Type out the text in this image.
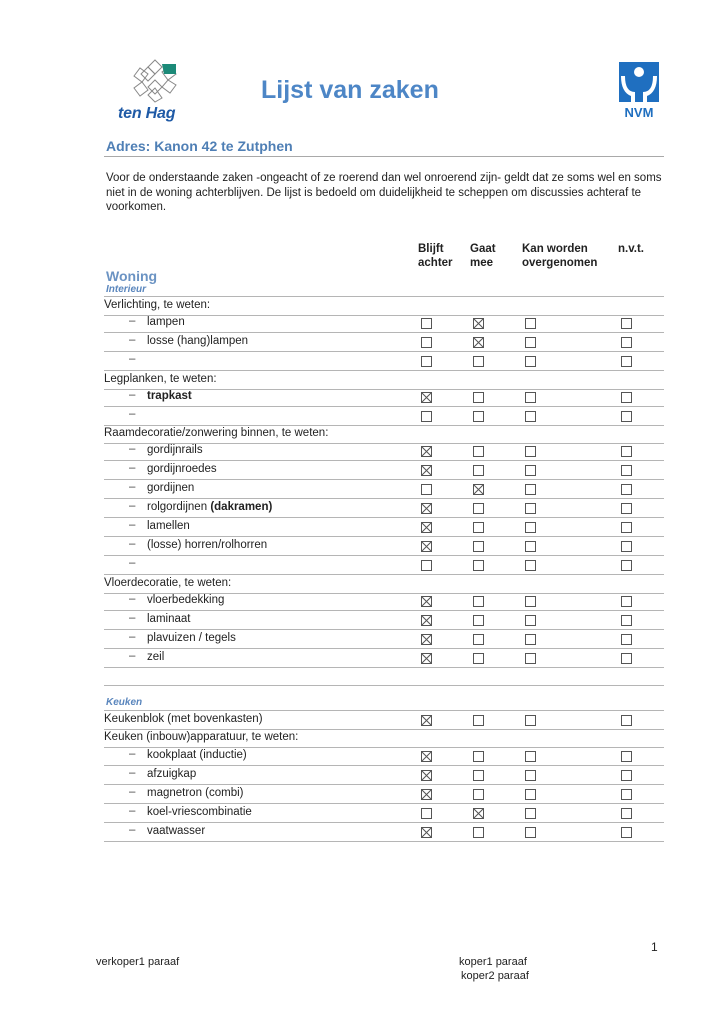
ten Hag
Lijst van zaken
NVM
Adres: Kanon 42 te Zutphen
Voor de onderstaande zaken -ongeacht of ze roerend dan wel onroerend zijn- geldt dat ze soms wel en soms niet in de woning achterblijven. De lijst is bedoeld om duidelijkheid te scheppen om discussies achteraf te voorkomen.
Blijft
achter
Gaat
mee
Kan worden
overgenomen
n.v.t.
Woning
Interieur
Verlichting, te weten:
– lampen
– losse (hang)lampen
–
Legplanken, te weten:
– trapkast
–
Raamdecoratie/zonwering binnen, te weten:
– gordijnrails
– gordijnroedes
– gordijnen
– rolgordijnen (dakramen)
– lamellen
– (losse) horren/rolhorren
–
Vloerdecoratie, te weten:
– vloerbedekking
– laminaat
– plavuizen / tegels
– zeil
Keuken
Keukenblok (met bovenkasten)
Keuken (inbouw)apparatuur, te weten:
– kookplaat (inductie)
– afzuigkap
– magnetron (combi)
– koel-vriescombinatie
– vaatwasser
1
verkoper1 paraaf	koper1 paraaf
koper2 paraaf
